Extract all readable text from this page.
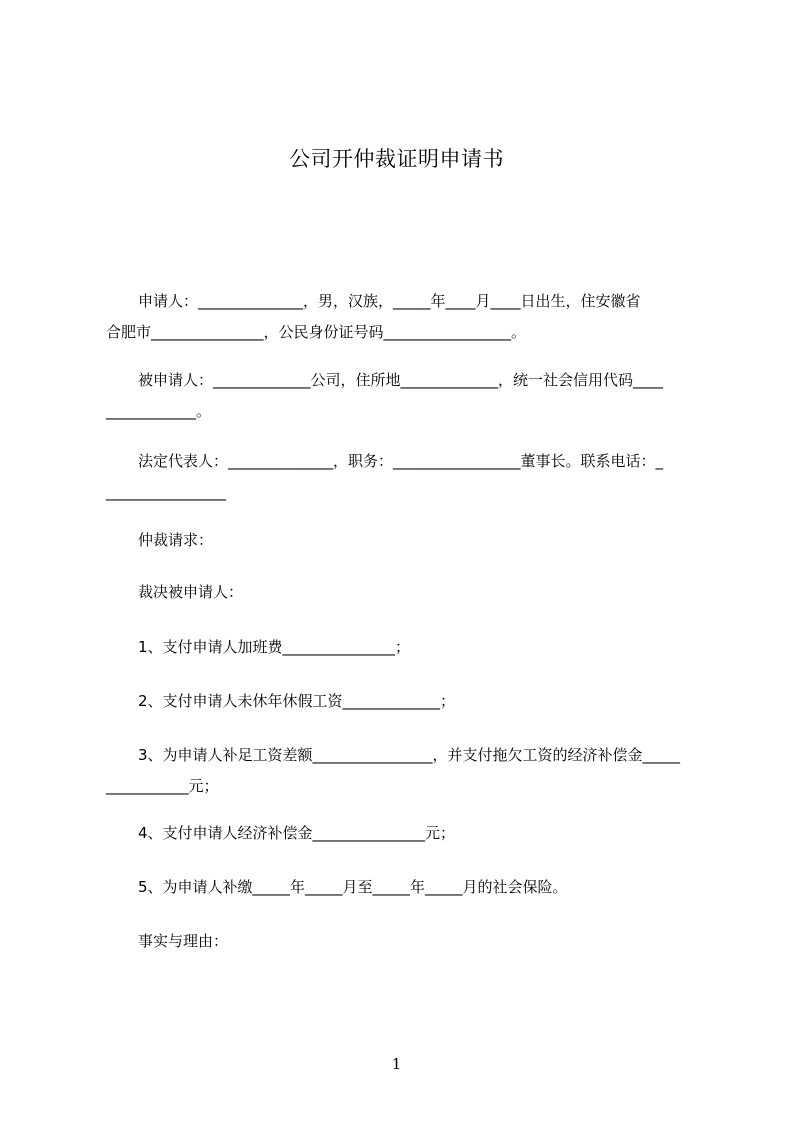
公司开仲裁证明申请书
申请人：______________，男，汉族，_____年____月____日出生，住安徽省
合肥市_______________，公民身份证号码_________________。
被申请人：_____________公司，住所地_____________，统一社会信用代码____
____________。
法定代表人：______________，职务：_________________董事长。联系电话：_
________________
仲裁请求：
裁决被申请人：
1、支付申请人加班费_______________；
2、支付申请人未休年休假工资_____________；
3、为申请人补足工资差额________________，并支付拖欠工资的经济补偿金_____
___________元；
4、支付申请人经济补偿金_______________元；
5、为申请人补缴_____年_____月至_____年_____月的社会保险。
事实与理由：
1
